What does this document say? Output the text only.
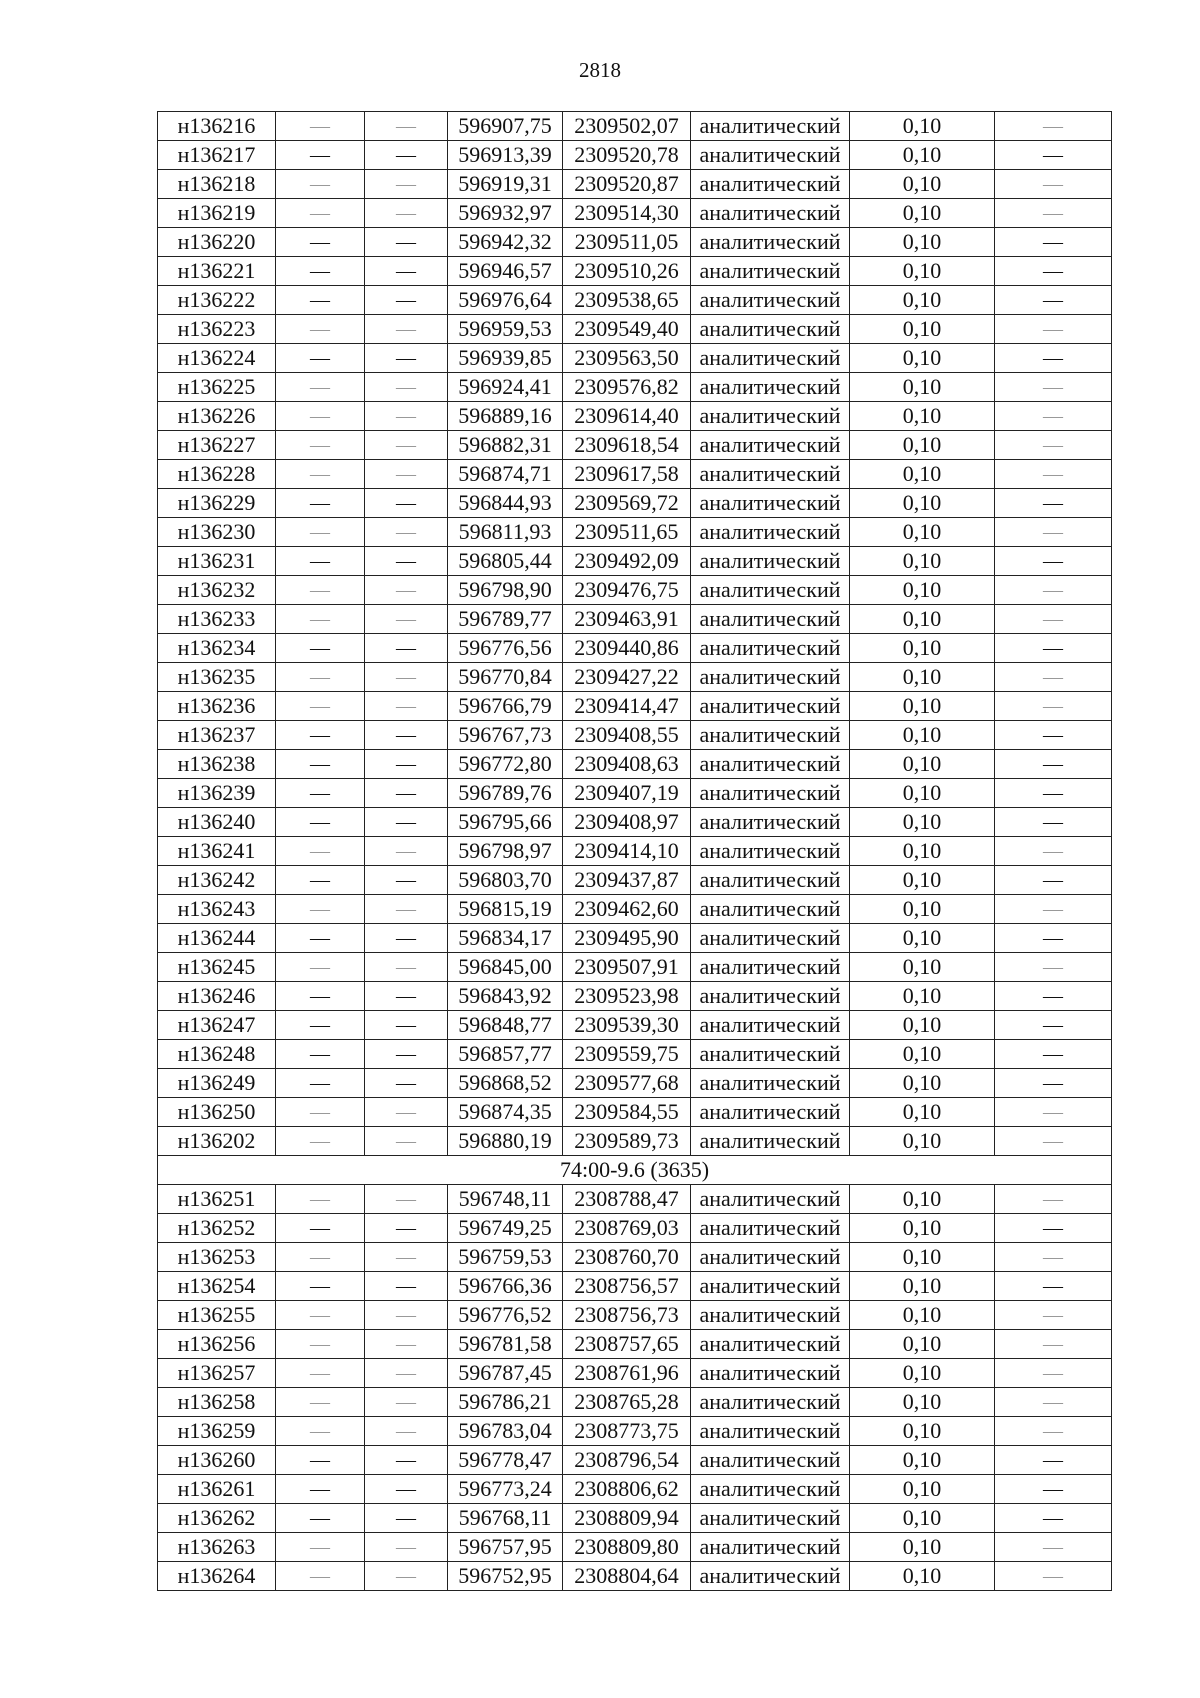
2818
н136216	—	—	596907,75	2309502,07	аналитический	0,10	—
н136217	—	—	596913,39	2309520,78	аналитический	0,10	—
н136218	—	—	596919,31	2309520,87	аналитический	0,10	—
н136219	—	—	596932,97	2309514,30	аналитический	0,10	—
н136220	—	—	596942,32	2309511,05	аналитический	0,10	—
н136221	—	—	596946,57	2309510,26	аналитический	0,10	—
н136222	—	—	596976,64	2309538,65	аналитический	0,10	—
н136223	—	—	596959,53	2309549,40	аналитический	0,10	—
н136224	—	—	596939,85	2309563,50	аналитический	0,10	—
н136225	—	—	596924,41	2309576,82	аналитический	0,10	—
н136226	—	—	596889,16	2309614,40	аналитический	0,10	—
н136227	—	—	596882,31	2309618,54	аналитический	0,10	—
н136228	—	—	596874,71	2309617,58	аналитический	0,10	—
н136229	—	—	596844,93	2309569,72	аналитический	0,10	—
н136230	—	—	596811,93	2309511,65	аналитический	0,10	—
н136231	—	—	596805,44	2309492,09	аналитический	0,10	—
н136232	—	—	596798,90	2309476,75	аналитический	0,10	—
н136233	—	—	596789,77	2309463,91	аналитический	0,10	—
н136234	—	—	596776,56	2309440,86	аналитический	0,10	—
н136235	—	—	596770,84	2309427,22	аналитический	0,10	—
н136236	—	—	596766,79	2309414,47	аналитический	0,10	—
н136237	—	—	596767,73	2309408,55	аналитический	0,10	—
н136238	—	—	596772,80	2309408,63	аналитический	0,10	—
н136239	—	—	596789,76	2309407,19	аналитический	0,10	—
н136240	—	—	596795,66	2309408,97	аналитический	0,10	—
н136241	—	—	596798,97	2309414,10	аналитический	0,10	—
н136242	—	—	596803,70	2309437,87	аналитический	0,10	—
н136243	—	—	596815,19	2309462,60	аналитический	0,10	—
н136244	—	—	596834,17	2309495,90	аналитический	0,10	—
н136245	—	—	596845,00	2309507,91	аналитический	0,10	—
н136246	—	—	596843,92	2309523,98	аналитический	0,10	—
н136247	—	—	596848,77	2309539,30	аналитический	0,10	—
н136248	—	—	596857,77	2309559,75	аналитический	0,10	—
н136249	—	—	596868,52	2309577,68	аналитический	0,10	—
н136250	—	—	596874,35	2309584,55	аналитический	0,10	—
н136202	—	—	596880,19	2309589,73	аналитический	0,10	—
74:00-9.6 (3635)							
н136251	—	—	596748,11	2308788,47	аналитический	0,10	—
н136252	—	—	596749,25	2308769,03	аналитический	0,10	—
н136253	—	—	596759,53	2308760,70	аналитический	0,10	—
н136254	—	—	596766,36	2308756,57	аналитический	0,10	—
н136255	—	—	596776,52	2308756,73	аналитический	0,10	—
н136256	—	—	596781,58	2308757,65	аналитический	0,10	—
н136257	—	—	596787,45	2308761,96	аналитический	0,10	—
н136258	—	—	596786,21	2308765,28	аналитический	0,10	—
н136259	—	—	596783,04	2308773,75	аналитический	0,10	—
н136260	—	—	596778,47	2308796,54	аналитический	0,10	—
н136261	—	—	596773,24	2308806,62	аналитический	0,10	—
н136262	—	—	596768,11	2308809,94	аналитический	0,10	—
н136263	—	—	596757,95	2308809,80	аналитический	0,10	—
н136264	—	—	596752,95	2308804,64	аналитический	0,10	—
